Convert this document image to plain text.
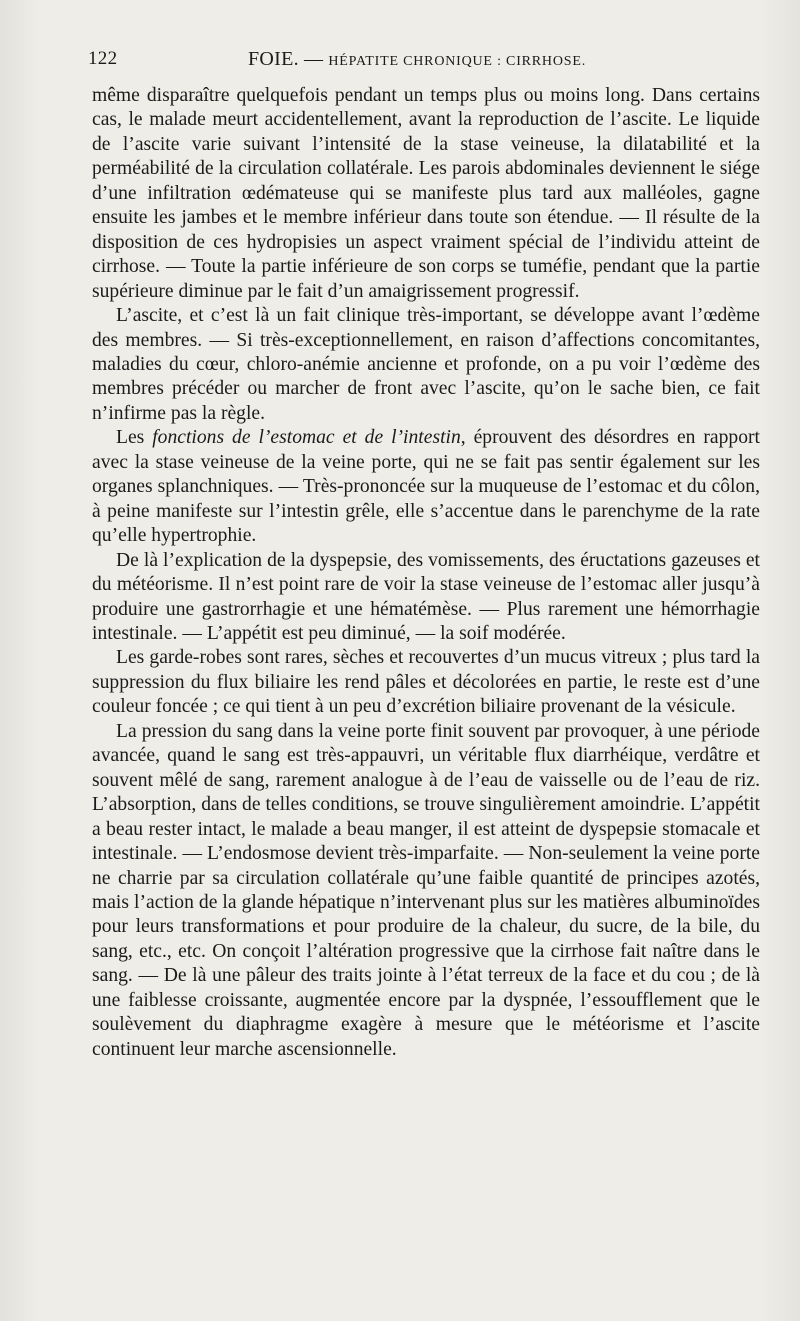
122	FOIE. — HÉPATITE CHRONIQUE : CIRRHOSE.

même disparaître quelquefois pendant un temps plus ou moins long. Dans certains cas, le malade meurt accidentellement, avant la reproduction de l’ascite. Le liquide de l’ascite varie suivant l’intensité de la stase veineuse, la dilatabilité et la perméabilité de la circulation collatérale. Les parois abdominales deviennent le siége d’une infiltration œdémateuse qui se manifeste plus tard aux malléoles, gagne ensuite les jambes et le membre inférieur dans toute son étendue. — Il résulte de la disposition de ces hydropisies un aspect vraiment spécial de l’individu atteint de cirrhose. — Toute la partie inférieure de son corps se tuméfie, pendant que la partie supérieure diminue par le fait d’un amaigrissement progressif.

L’ascite, et c’est là un fait clinique très-important, se développe avant l’œdème des membres. — Si très-exceptionnellement, en raison d’affections concomitantes, maladies du cœur, chloro-anémie ancienne et profonde, on a pu voir l’œdème des membres précéder ou marcher de front avec l’ascite, qu’on le sache bien, ce fait n’infirme pas la règle.

Les fonctions de l’estomac et de l’intestin, éprouvent des désordres en rapport avec la stase veineuse de la veine porte, qui ne se fait pas sentir également sur les organes splanchniques. — Très-prononcée sur la muqueuse de l’estomac et du côlon, à peine manifeste sur l’intestin grêle, elle s’accentue dans le parenchyme de la rate qu’elle hypertrophie.

De là l’explication de la dyspepsie, des vomissements, des éructations gazeuses et du météorisme. Il n’est point rare de voir la stase veineuse de l’estomac aller jusqu’à produire une gastrorrhagie et une hématémèse. — Plus rarement une hémorrhagie intestinale. — L’appétit est peu diminué, — la soif modérée.

Les garde-robes sont rares, sèches et recouvertes d’un mucus vitreux ; plus tard la suppression du flux biliaire les rend pâles et décolorées en partie, le reste est d’une couleur foncée ; ce qui tient à un peu d’excrétion biliaire provenant de la vésicule.

La pression du sang dans la veine porte finit souvent par provoquer, à une période avancée, quand le sang est très-appauvri, un véritable flux diarrhéique, verdâtre et souvent mêlé de sang, rarement analogue à de l’eau de vaisselle ou de l’eau de riz. L’absorption, dans de telles conditions, se trouve singulièrement amoindrie. L’appétit a beau rester intact, le malade a beau manger, il est atteint de dyspepsie stomacale et intestinale. — L’endosmose devient très-imparfaite. — Non-seulement la veine porte ne charrie par sa circulation collatérale qu’une faible quantité de principes azotés, mais l’action de la glande hépatique n’intervenant plus sur les matières albuminoïdes pour leurs transformations et pour produire de la chaleur, du sucre, de la bile, du sang, etc., etc. On conçoit l’altération progressive que la cirrhose fait naître dans le sang. — De là une pâleur des traits jointe à l’état terreux de la face et du cou ; de là une faiblesse croissante, augmentée encore par la dyspnée, l’essoufflement que le soulèvement du diaphragme exagère à mesure que le météorisme et l’ascite continuent leur marche ascensionnelle.
